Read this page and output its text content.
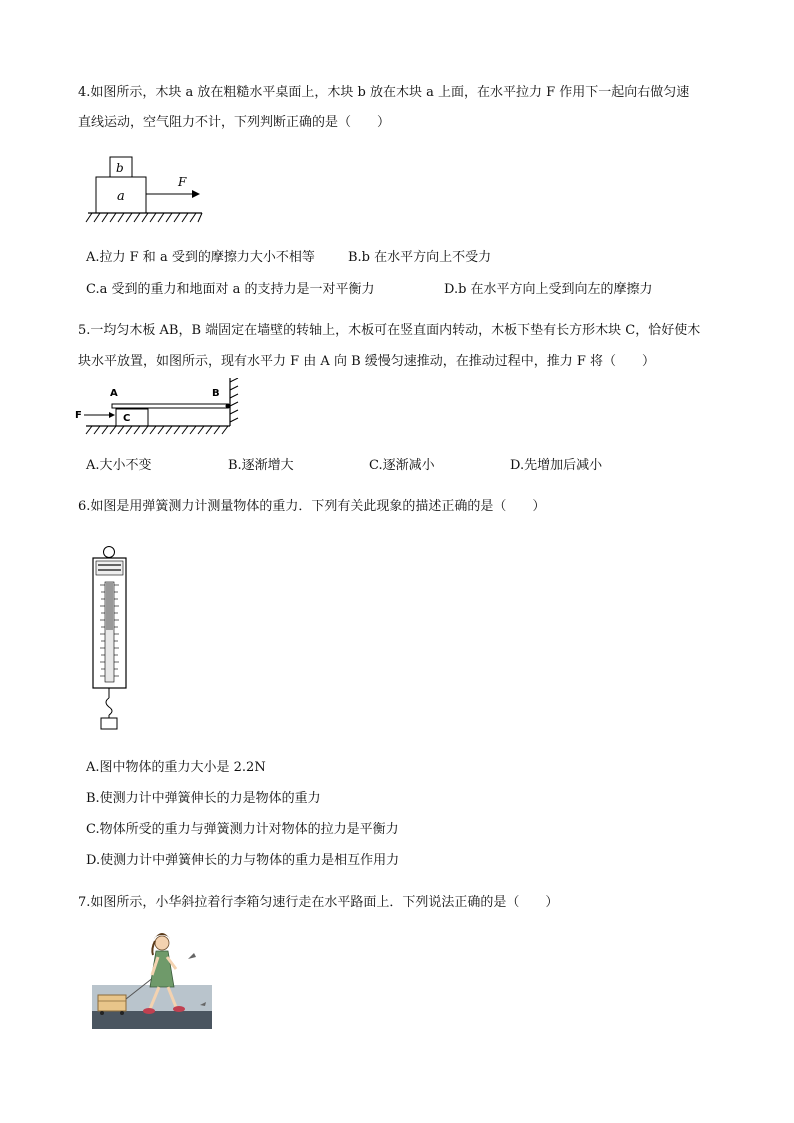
4.如图所示，木块 a 放在粗糙水平桌面上，木块 b 放在木块 a 上面，在水平拉力 F 作用下一起向右做匀速
直线运动，空气阻力不计，下列判断正确的是（　　）
b
a
F
A.拉力 F 和 a 受到的摩擦力大小不相等	B.b 在水平方向上不受力
C.a 受到的重力和地面对 a 的支持力是一对平衡力	D.b 在水平方向上受到向左的摩擦力
5.一均匀木板 AB，B 端固定在墙壁的转轴上，木板可在竖直面内转动，木板下垫有长方形木块 C，恰好使木
块水平放置，如图所示，现有水平力 F 由 A 向 B 缓慢匀速推动，在推动过程中，推力 F 将（　　）
A	B
C
F
A.大小不变	B.逐渐增大	C.逐渐减小	D.先增加后减小
6.如图是用弹簧测力计测量物体的重力．下列有关此现象的描述正确的是（　　）
A.图中物体的重力大小是 2.2N
B.使测力计中弹簧伸长的力是物体的重力
C.物体所受的重力与弹簧测力计对物体的拉力是平衡力
D.使测力计中弹簧伸长的力与物体的重力是相互作用力
7.如图所示，小华斜拉着行李箱匀速行走在水平路面上．下列说法正确的是（　　）
